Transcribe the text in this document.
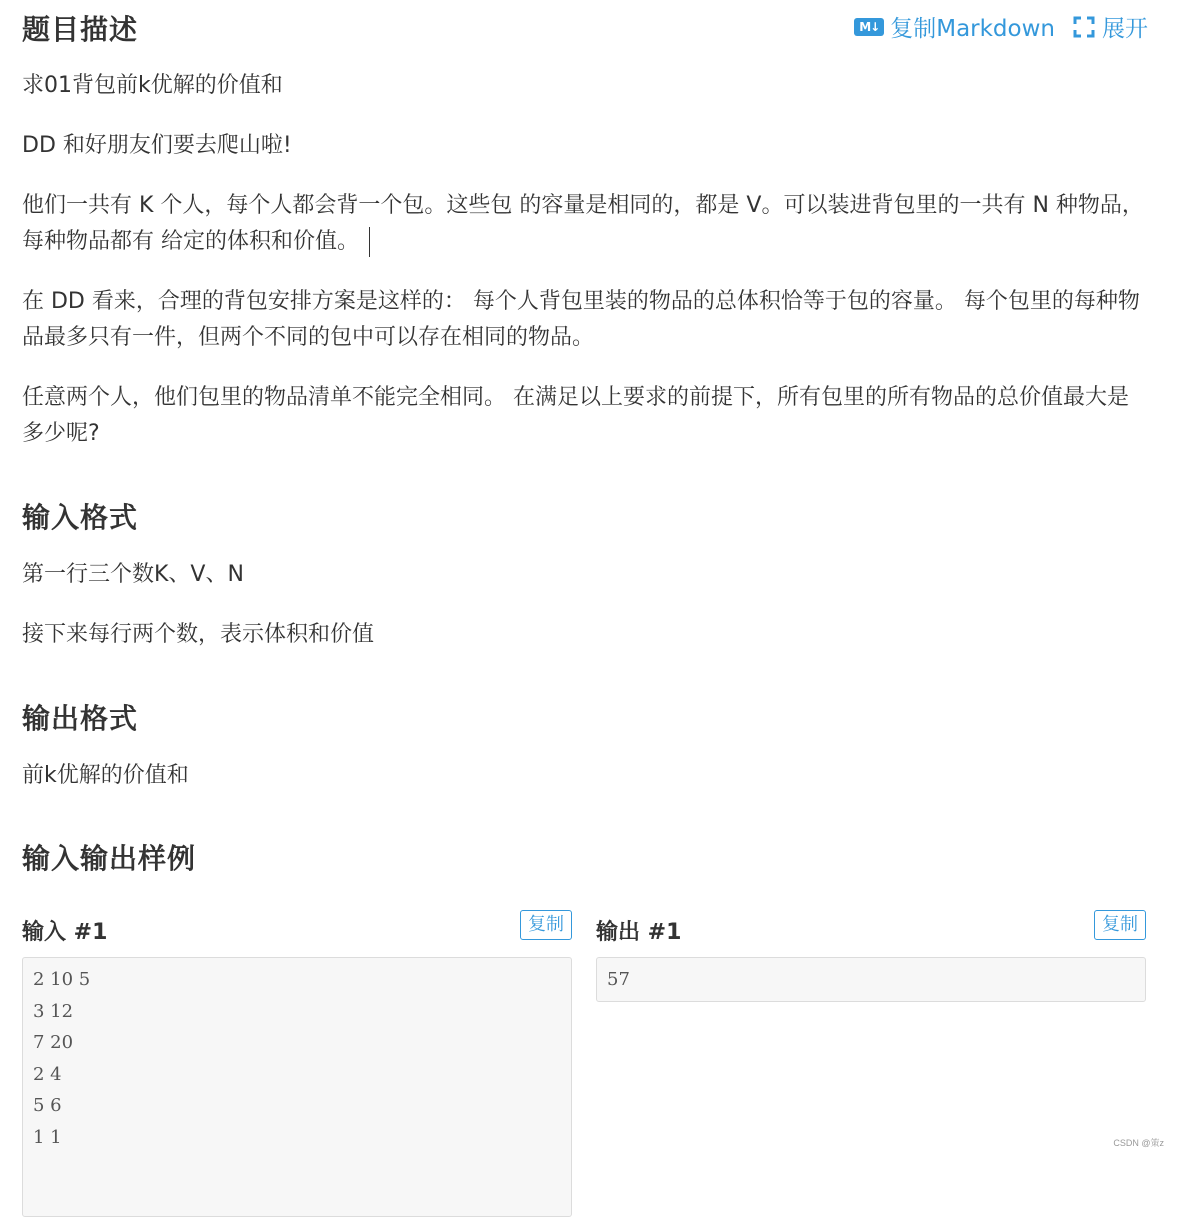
题目描述	M↓ 复制Markdown 展开

求01背包前k优解的价值和

DD 和好朋友们要去爬山啦!

他们一共有 K 个人，每个人都会背一个包。这些包 的容量是相同的，都是 V。可以装进背包里的一共有 N 种物品，每种物品都有 给定的体积和价值。

在 DD 看来，合理的背包安排方案是这样的： 每个人背包里装的物品的总体积恰等于包的容量。 每个包里的每种物品最多只有一件，但两个不同的包中可以存在相同的物品。

任意两个人，他们包里的物品清单不能完全相同。 在满足以上要求的前提下，所有包里的所有物品的总价值最大是多少呢?

输入格式

第一行三个数K、V、N

接下来每行两个数，表示体积和价值

输出格式

前k优解的价值和

输入输出样例
输入 #1	复制
2 10 5
3 12
7 20
2 4
5 6
1 1
输出 #1	复制
57
CSDN @策z
